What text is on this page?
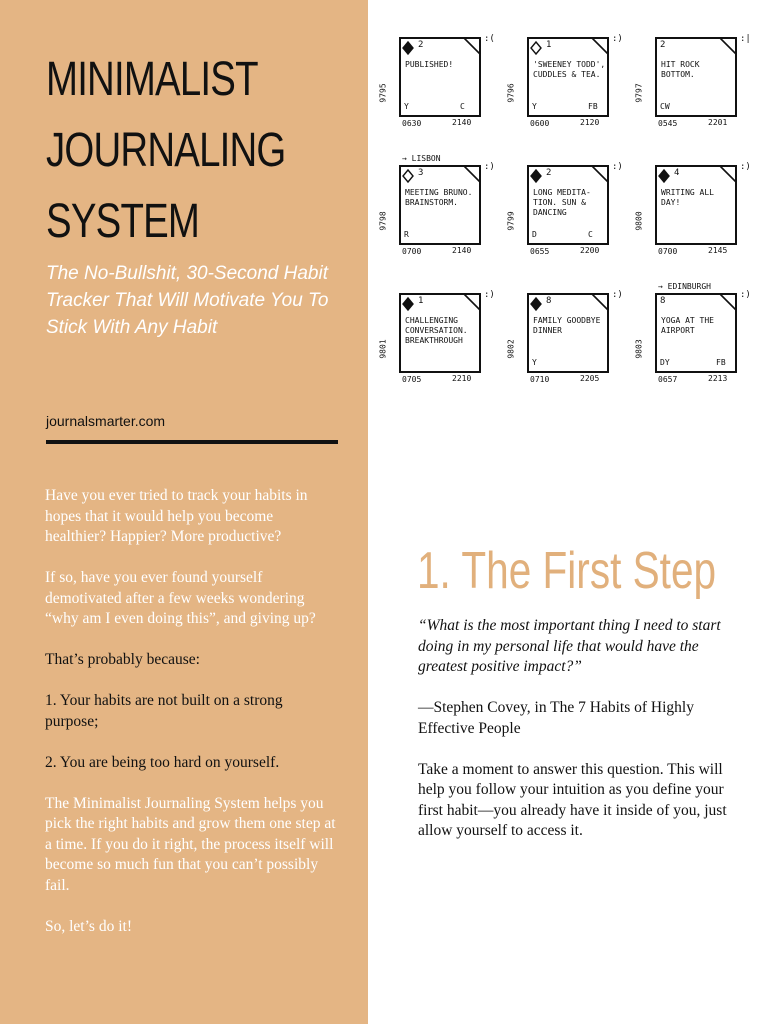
MINIMALIST
JOURNALING
SYSTEM
The No-Bullshit, 30-Second Habit Tracker That Will Motivate You To Stick With Any Habit
journalsmarter.com

Have you ever tried to track your habits in hopes that it would help you become healthier? Happier? More productive?

If so, have you ever found yourself demotivated after a few weeks wondering “why am I even doing this”, and giving up?

That’s probably because:

1. Your habits are not built on a strong purpose;

2. You are being too hard on yourself.

The Minimalist Journaling System helps you pick the right habits and grow them one step at a time. If you do it right, the process itself will become so much fun that you can’t possibly fail.

So, let’s do it!

2
:(
PUBLISHED!
Y	C
0630	2140
9795
1
:)
'SWEENEY TODD', CUDDLES & TEA.
Y	FB
0600	2120
9796
2
:|
HIT ROCK BOTTOM.
CW
0545	2201
9797
3
:)
MEETING BRUNO. BRAINSTORM.
R
0700	2140
→ LISBON
9798
2
:)
LONG MEDITA-TION. SUN & DANCING
D	C
0655	2200
9799
4
:)
WRITING ALL DAY!
0700	2145
9800
1
:)
CHALLENGING CONVERSATION. BREAKTHROUGH
0705	2210
9801
8
:)
FAMILY GOODBYE DINNER
Y
0710	2205
9802
8
:)
YOGA AT THE AIRPORT
DY	FB
0657	2213
→ EDINBURGH
9803
1. The First Step

“What is the most important thing I need to start doing in my personal life that would have the greatest positive impact?”

—Stephen Covey, in The 7 Habits of Highly Effective People

Take a moment to answer this question. This will help you follow your intuition as you define your first habit—you already have it inside of you, just allow yourself to access it.
